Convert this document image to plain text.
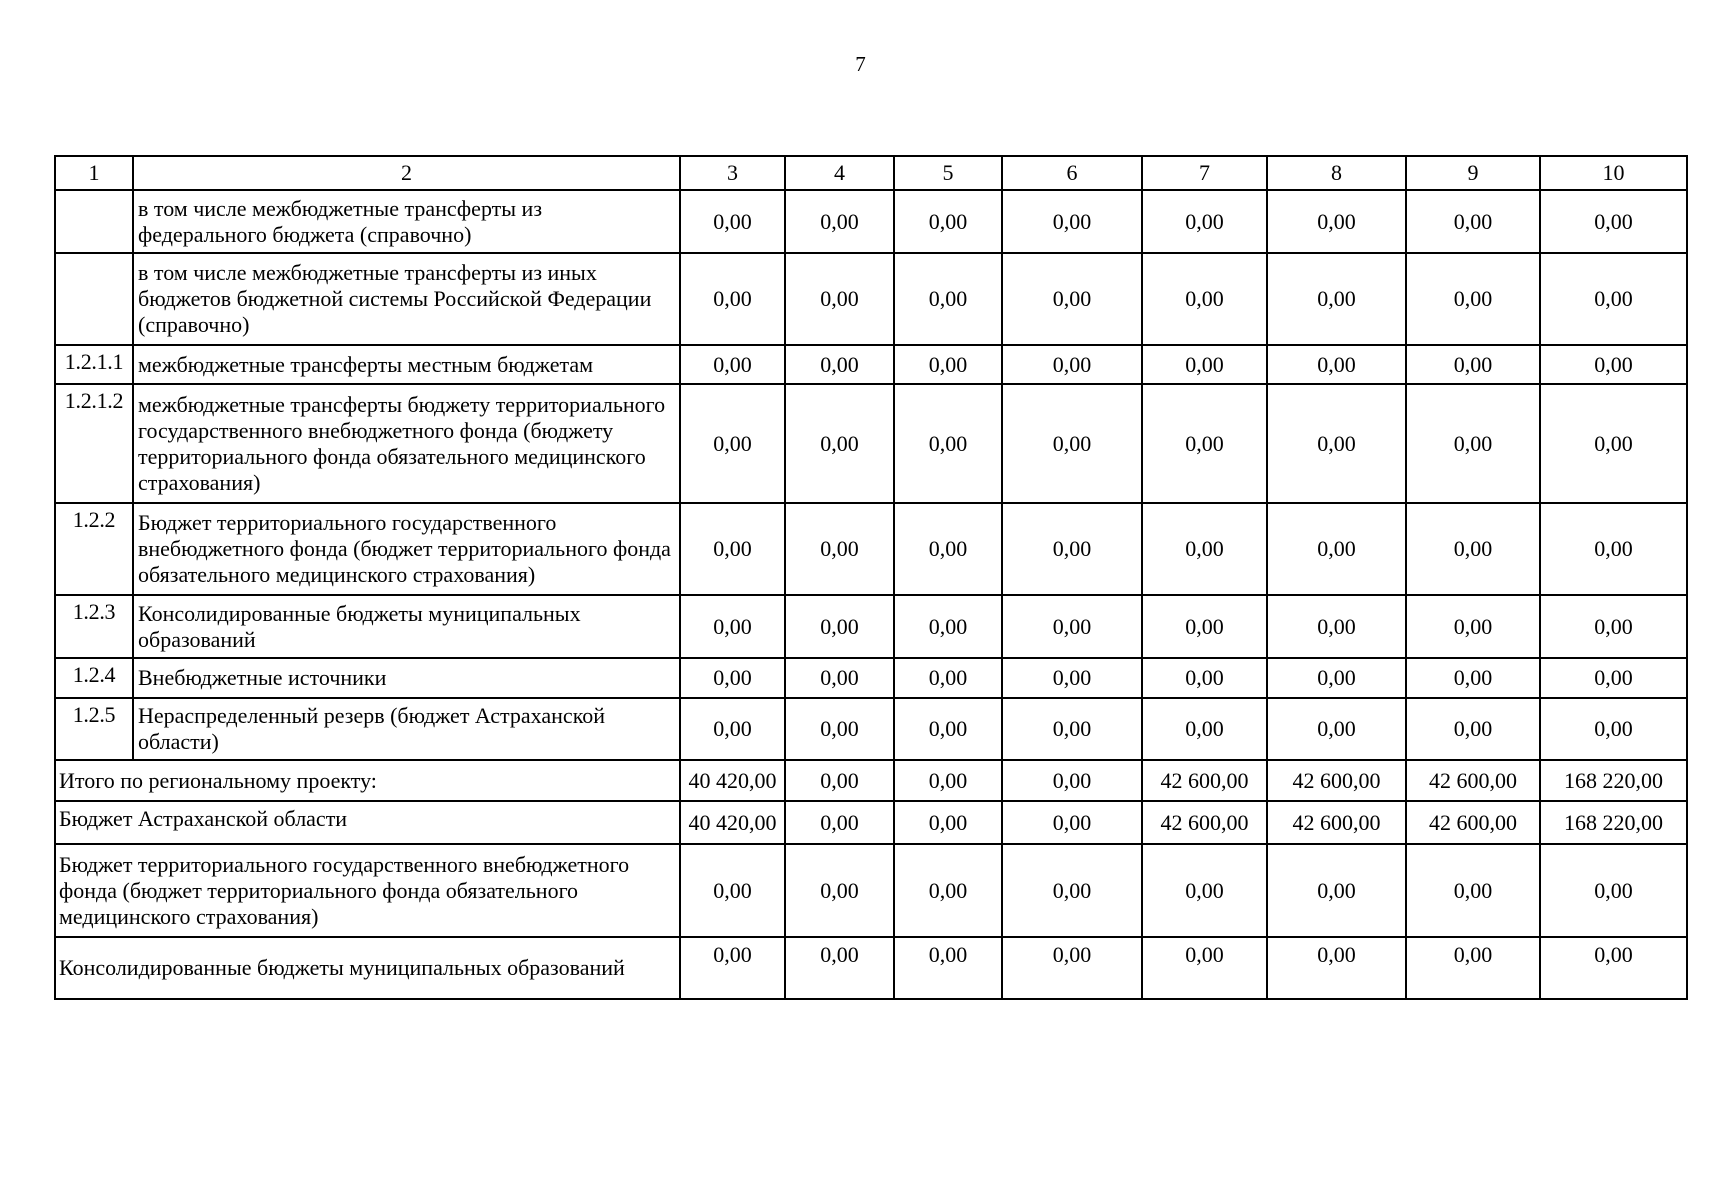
7
1	2	3	4	5	6	7	8	9	10
	в том числе межбюджетные трансферты из федерального бюджета (справочно)	0,00	0,00	0,00	0,00	0,00	0,00	0,00	0,00
	в том числе межбюджетные трансферты из иных бюджетов бюджетной системы Российской Федерации (справочно)	0,00	0,00	0,00	0,00	0,00	0,00	0,00	0,00
1.2.1.1	межбюджетные трансферты местным бюджетам	0,00	0,00	0,00	0,00	0,00	0,00	0,00	0,00
1.2.1.2	межбюджетные трансферты бюджету территориального государственного внебюджетного фонда (бюджету территориального фонда обязательного медицинского страхования)	0,00	0,00	0,00	0,00	0,00	0,00	0,00	0,00
1.2.2	Бюджет территориального государственного внебюджетного фонда (бюджет территориального фонда обязательного медицинского страхования)	0,00	0,00	0,00	0,00	0,00	0,00	0,00	0,00
1.2.3	Консолидированные бюджеты муниципальных образований	0,00	0,00	0,00	0,00	0,00	0,00	0,00	0,00
1.2.4	Внебюджетные источники	0,00	0,00	0,00	0,00	0,00	0,00	0,00	0,00
1.2.5	Нераспределенный резерв (бюджет Астраханской области)	0,00	0,00	0,00	0,00	0,00	0,00	0,00	0,00
Итого по региональному проекту:		40 420,00	0,00	0,00	0,00	42 600,00	42 600,00	42 600,00	168 220,00
Бюджет Астраханской области		40 420,00	0,00	0,00	0,00	42 600,00	42 600,00	42 600,00	168 220,00
Бюджет территориального государственного внебюджетного фонда (бюджет территориального фонда обязательного медицинского страхования)		0,00	0,00	0,00	0,00	0,00	0,00	0,00	0,00
Консолидированные бюджеты муниципальных образований		0,00	0,00	0,00	0,00	0,00	0,00	0,00	0,00
